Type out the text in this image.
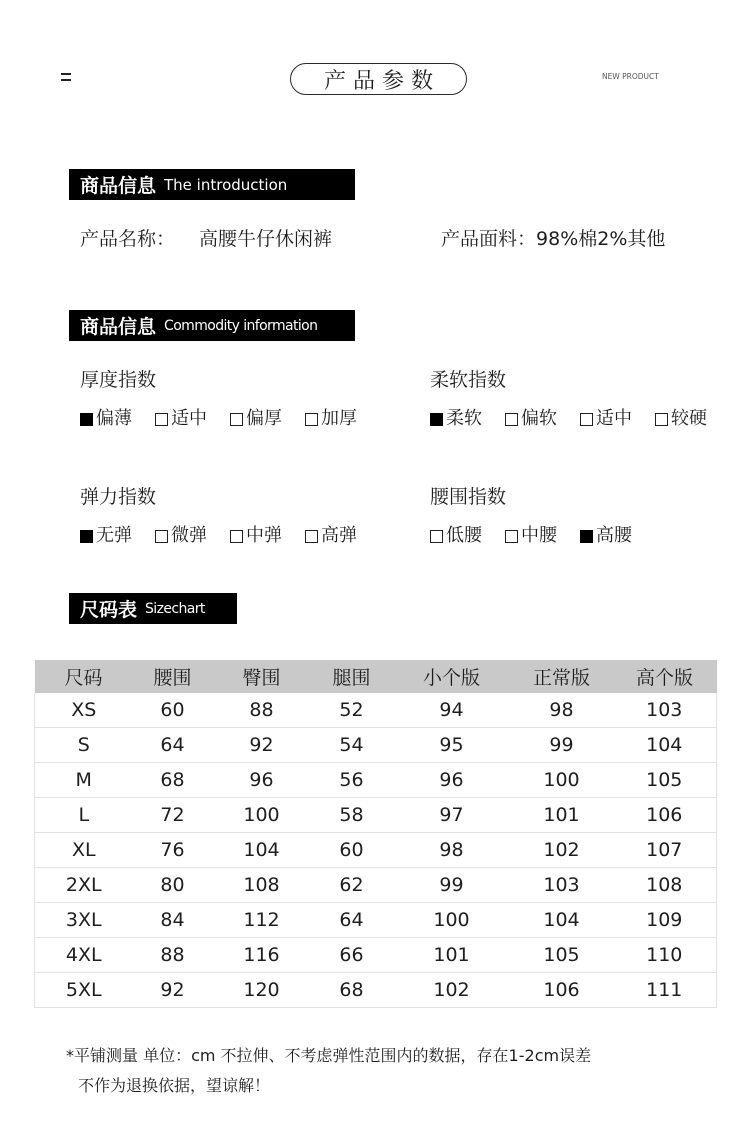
产品参数	NEW PRODUCT
商品信息 The introduction
产品名称： 高腰牛仔休闲裤	产品面料： 98%棉2%其他
商品信息 Commodity information
厚度指数
偏薄 适中 偏厚 加厚
柔软指数
柔软 偏软 适中 较硬
弹力指数
无弹 微弹 中弹 高弹
腰围指数
低腰 中腰 高腰
尺码表 Sizechart
尺码	腰围	臀围	腿围	小个版	正常版	高个版
XS	60	88	52	94	98	103
S	64	92	54	95	99	104
M	68	96	56	96	100	105
L	72	100	58	97	101	106
XL	76	104	60	98	102	107
2XL	80	108	62	99	103	108
3XL	84	112	64	100	104	109
4XL	88	116	66	101	105	110
5XL	92	120	68	102	106	111
*平铺测量 单位：cm 不拉伸、不考虑弹性范围内的数据，存在1-2cm误差
不作为退换依据，望谅解！
